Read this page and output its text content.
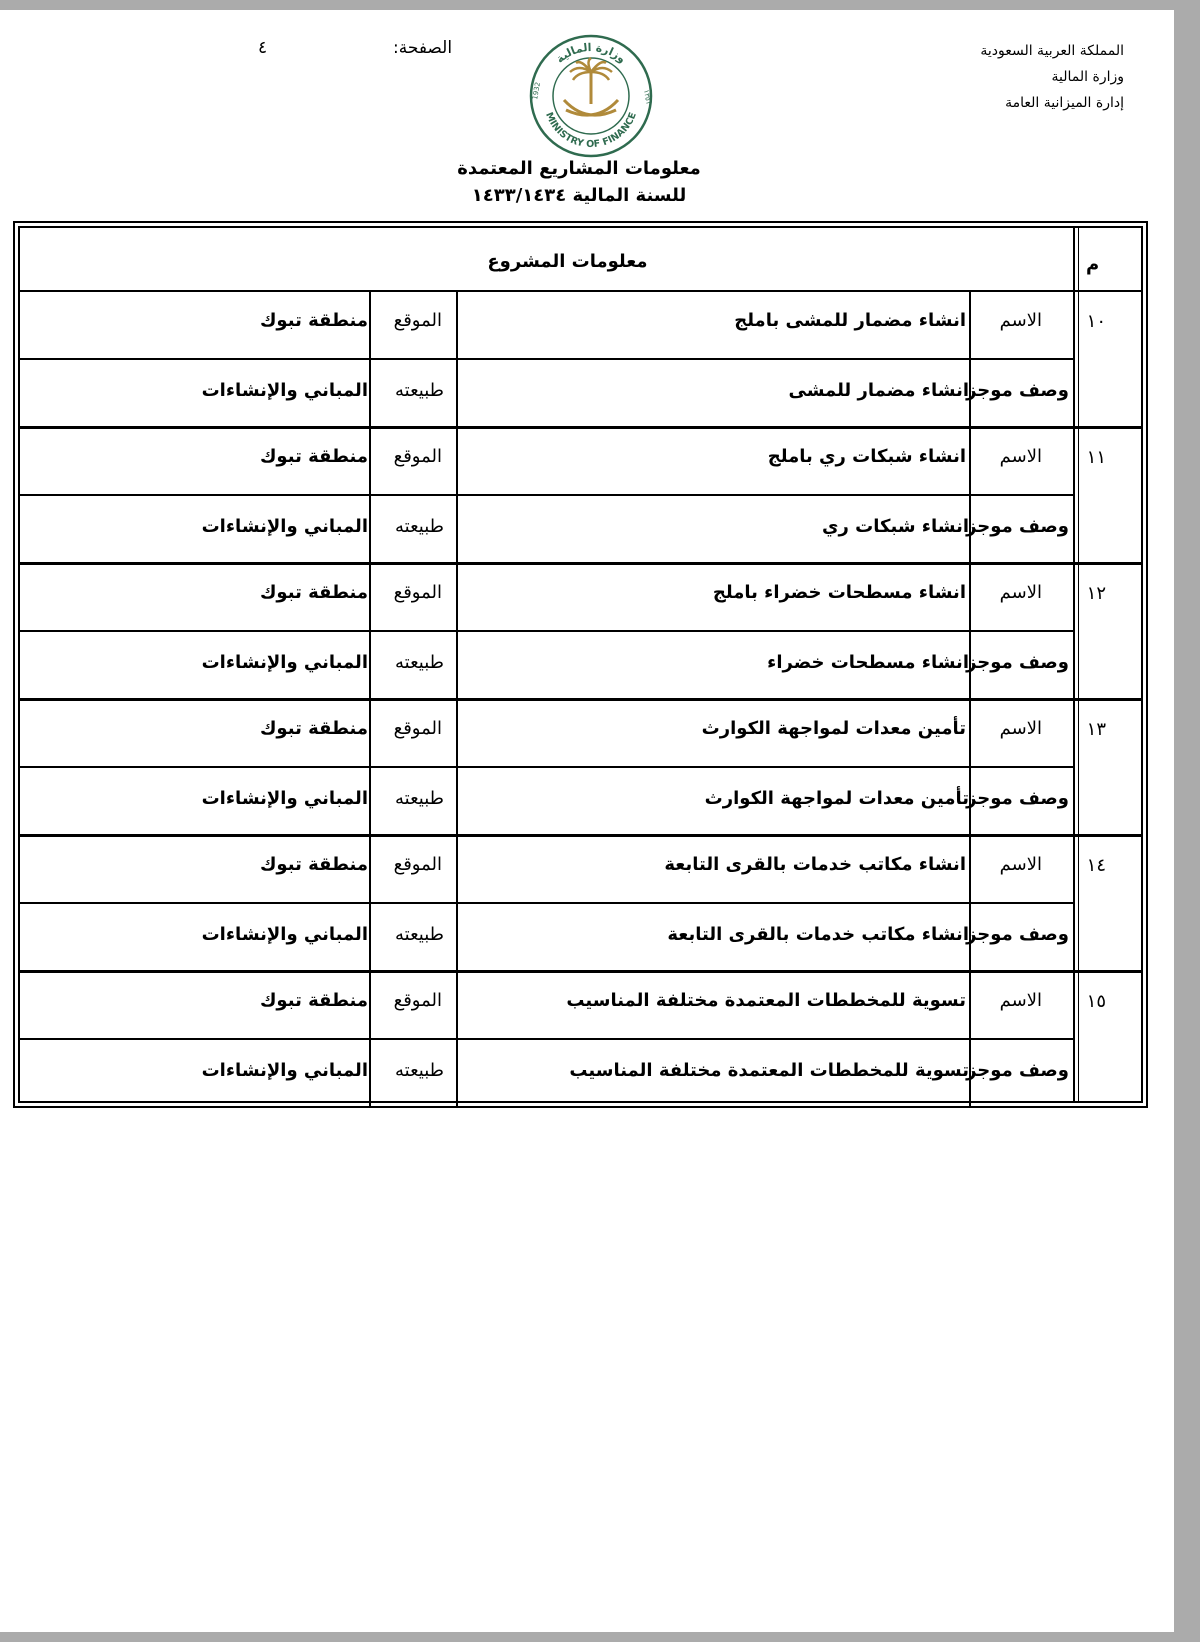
المملكة العربية السعودية
وزارة المالية
إدارة الميزانية العامة
الصفحة:
٤
وزارة المالية
MINISTRY OF FINANCE
1932	١٣٥١
معلومات المشاريع المعتمدة
للسنة المالية ١٤٣٣/١٤٣٤
م
معلومات المشروع
١٠
الاسم
انشاء مضمار للمشى باملج
الموقع
منطقة تبوك
وصف موجز
انشاء مضمار للمشى
طبيعته
المباني والإنشاءات
١١
الاسم
انشاء شبكات ري باملج
الموقع
منطقة تبوك
وصف موجز
انشاء شبكات ري
طبيعته
المباني والإنشاءات
١٢
الاسم
انشاء مسطحات خضراء باملج
الموقع
منطقة تبوك
وصف موجز
انشاء مسطحات خضراء
طبيعته
المباني والإنشاءات
١٣
الاسم
تأمين معدات لمواجهة الكوارث
الموقع
منطقة تبوك
وصف موجز
تأمين معدات لمواجهة الكوارث
طبيعته
المباني والإنشاءات
١٤
الاسم
انشاء مكاتب خدمات بالقرى التابعة
الموقع
منطقة تبوك
وصف موجز
انشاء مكاتب خدمات بالقرى التابعة
طبيعته
المباني والإنشاءات
١٥
الاسم
تسوية للمخططات المعتمدة مختلفة المناسيب
الموقع
منطقة تبوك
وصف موجز
تسوية للمخططات المعتمدة مختلفة المناسيب
طبيعته
المباني والإنشاءات
